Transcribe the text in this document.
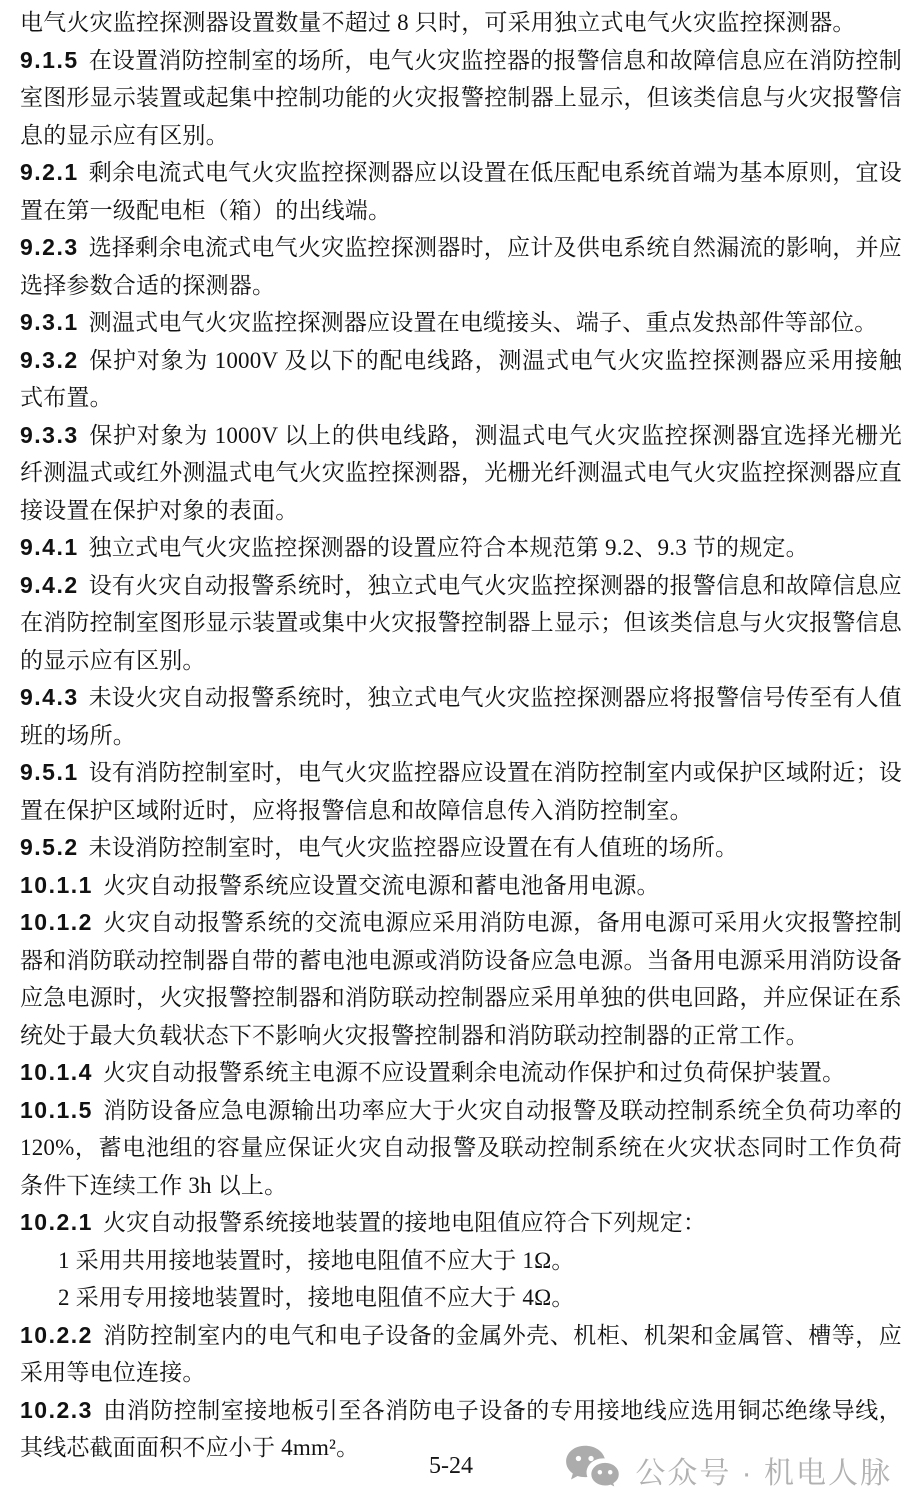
电气火灾监控探测器设置数量不超过 8 只时，可采用独立式电气火灾监控探测器。

9.1.5 在设置消防控制室的场所，电气火灾监控器的报警信息和故障信息应在消防控制室图形显示装置或起集中控制功能的火灾报警控制器上显示，但该类信息与火灾报警信息的显示应有区别。

9.2.1 剩余电流式电气火灾监控探测器应以设置在低压配电系统首端为基本原则，宜设置在第一级配电柜（箱）的出线端。

9.2.3 选择剩余电流式电气火灾监控探测器时，应计及供电系统自然漏流的影响，并应选择参数合适的探测器。

9.3.1 测温式电气火灾监控探测器应设置在电缆接头、端子、重点发热部件等部位。

9.3.2 保护对象为 1000V 及以下的配电线路，测温式电气火灾监控探测器应采用接触式布置。

9.3.3 保护对象为 1000V 以上的供电线路，测温式电气火灾监控探测器宜选择光栅光纤测温式或红外测温式电气火灾监控探测器，光栅光纤测温式电气火灾监控探测器应直接设置在保护对象的表面。

9.4.1 独立式电气火灾监控探测器的设置应符合本规范第 9.2、9.3 节的规定。

9.4.2 设有火灾自动报警系统时，独立式电气火灾监控探测器的报警信息和故障信息应在消防控制室图形显示装置或集中火灾报警控制器上显示；但该类信息与火灾报警信息的显示应有区别。

9.4.3 未设火灾自动报警系统时，独立式电气火灾监控探测器应将报警信号传至有人值班的场所。

9.5.1 设有消防控制室时，电气火灾监控器应设置在消防控制室内或保护区域附近；设置在保护区域附近时，应将报警信息和故障信息传入消防控制室。

9.5.2 未设消防控制室时，电气火灾监控器应设置在有人值班的场所。

10.1.1 火灾自动报警系统应设置交流电源和蓄电池备用电源。

10.1.2 火灾自动报警系统的交流电源应采用消防电源，备用电源可采用火灾报警控制器和消防联动控制器自带的蓄电池电源或消防设备应急电源。当备用电源采用消防设备应急电源时，火灾报警控制器和消防联动控制器应采用单独的供电回路，并应保证在系统处于最大负载状态下不影响火灾报警控制器和消防联动控制器的正常工作。

10.1.4 火灾自动报警系统主电源不应设置剩余电流动作保护和过负荷保护装置。

10.1.5 消防设备应急电源输出功率应大于火灾自动报警及联动控制系统全负荷功率的 120%，蓄电池组的容量应保证火灾自动报警及联动控制系统在火灾状态同时工作负荷条件下连续工作 3h 以上。

10.2.1 火灾自动报警系统接地装置的接地电阻值应符合下列规定：

1 采用共用接地装置时，接地电阻值不应大于 1Ω。

2 采用专用接地装置时，接地电阻值不应大于 4Ω。

10.2.2 消防控制室内的电气和电子设备的金属外壳、机柜、机架和金属管、槽等，应采用等电位连接。

10.2.3 由消防控制室接地板引至各消防电子设备的专用接地线应选用铜芯绝缘导线，其线芯截面面积不应小于 4mm²。

5-24	公众号 · 机电人脉
